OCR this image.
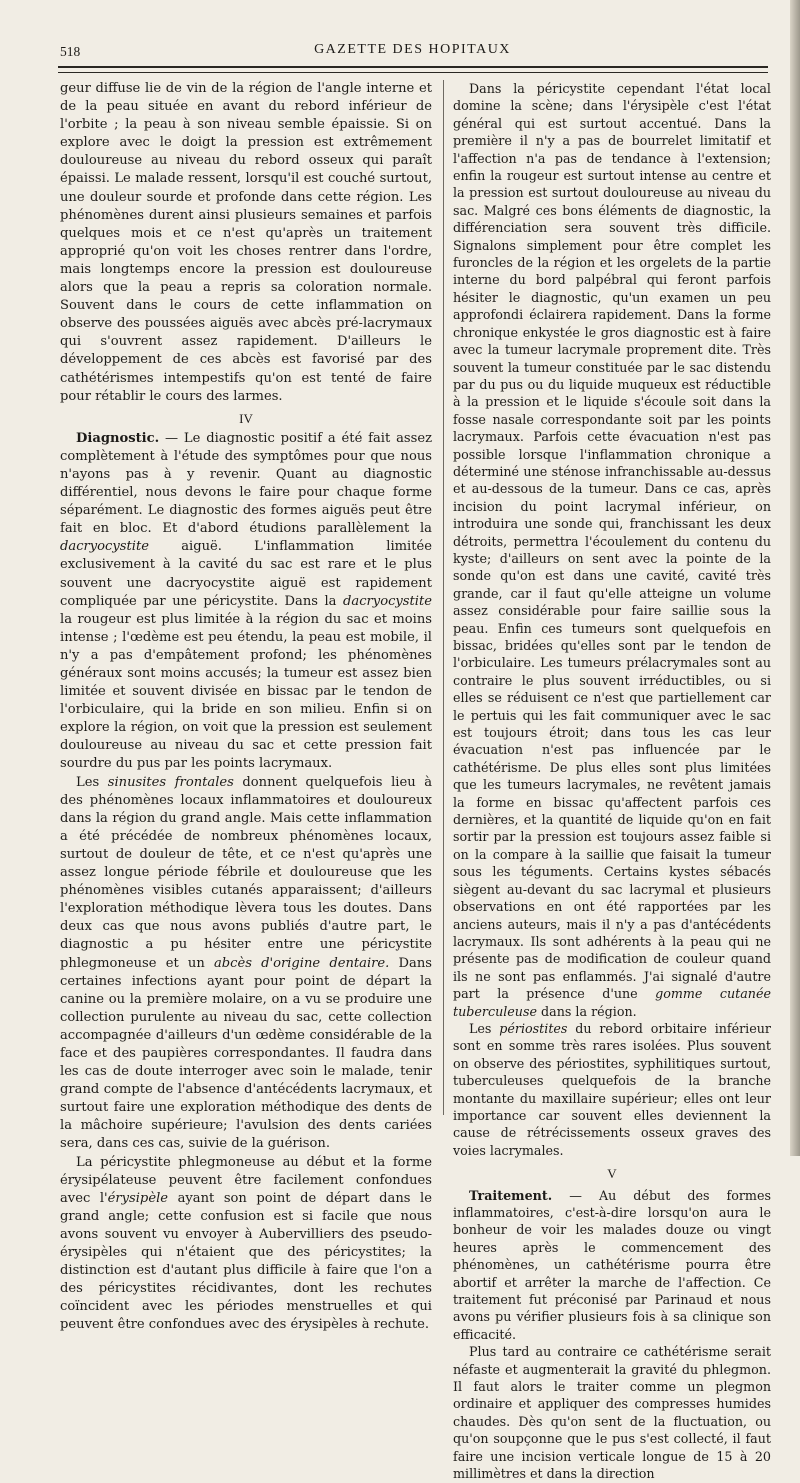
518	GAZETTE DES HOPITAUX

geur diffuse lie de vin de la région de l'angle interne et de la peau située en avant du rebord inférieur de l'orbite ; la peau à son niveau semble épaissie. Si on explore avec le doigt la pression est extrêmement douloureuse au niveau du rebord osseux qui paraît épaissi. Le malade ressent, lorsqu'il est couché surtout, une douleur sourde et profonde dans cette région. Les phénomènes durent ainsi plusieurs semaines et parfois quelques mois et ce n'est qu'après un traitement approprié qu'on voit les choses rentrer dans l'ordre, mais longtemps encore la pression est douloureuse alors que la peau a repris sa coloration normale. Souvent dans le cours de cette inflammation on observe des poussées aiguës avec abcès pré-lacrymaux qui s'ouvrent assez rapidement. D'ailleurs le développement de ces abcès est favorisé par des cathétérismes intempestifs qu'on est tenté de faire pour rétablir le cours des larmes.

IV

Diagnostic. — Le diagnostic positif a été fait assez complètement à l'étude des symptômes pour que nous n'ayons pas à y revenir. Quant au diagnostic différentiel, nous devons le faire pour chaque forme séparément. Le diagnostic des formes aiguës peut être fait en bloc. Et d'abord étudions parallèlement la dacryocystite aiguë. L'inflammation limitée exclusivement à la cavité du sac est rare et le plus souvent une dacryocystite aiguë est rapidement compliquée par une péricystite. Dans la dacryocystite la rougeur est plus limitée à la région du sac et moins intense ; l'œdème est peu étendu, la peau est mobile, il n'y a pas d'empâtement profond; les phénomènes généraux sont moins accusés; la tumeur est assez bien limitée et souvent divisée en bissac par le tendon de l'orbiculaire, qui la bride en son milieu. Enfin si on explore la région, on voit que la pression est seulement douloureuse au niveau du sac et cette pression fait sourdre du pus par les points lacrymaux.

Les sinusites frontales donnent quelquefois lieu à des phénomènes locaux inflammatoires et douloureux dans la région du grand angle. Mais cette inflammation a été précédée de nombreux phénomènes locaux, surtout de douleur de tête, et ce n'est qu'après une assez longue période fébrile et douloureuse que les phénomènes visibles cutanés apparaissent; d'ailleurs l'exploration méthodique lèvera tous les doutes. Dans deux cas que nous avons publiés d'autre part, le diagnostic a pu hésiter entre une péricystite phlegmoneuse et un abcès d'origine dentaire. Dans certaines infections ayant pour point de départ la canine ou la première molaire, on a vu se produire une collection purulente au niveau du sac, cette collection accompagnée d'ailleurs d'un œdème considérable de la face et des paupières correspondantes. Il faudra dans les cas de doute interroger avec soin le malade, tenir grand compte de l'absence d'antécédents lacrymaux, et surtout faire une exploration méthodique des dents de la mâchoire supérieure; l'avulsion des dents cariées sera, dans ces cas, suivie de la guérison.

La péricystite phlegmoneuse au début et la forme érysipélateuse peuvent être facilement confondues avec l'érysipèle ayant son point de départ dans le grand angle; cette confusion est si facile que nous avons souvent vu envoyer à Aubervilliers des pseudo-érysipèles qui n'étaient que des péricystites; la distinction est d'autant plus difficile à faire que l'on a des péricystites récidivantes, dont les rechutes coïncident avec les périodes menstruelles et qui peuvent être confondues avec des érysipèles à rechute.

Dans la péricystite cependant l'état local domine la scène; dans l'érysipèle c'est l'état général qui est surtout accentué. Dans la première il n'y a pas de bourrelet limitatif et l'affection n'a pas de tendance à l'extension; enfin la rougeur est surtout intense au centre et la pression est surtout douloureuse au niveau du sac. Malgré ces bons éléments de diagnostic, la différenciation sera souvent très difficile. Signalons simplement pour être complet les furoncles de la région et les orgelets de la partie interne du bord palpébral qui feront parfois hésiter le diagnostic, qu'un examen un peu approfondi éclairera rapidement. Dans la forme chronique enkystée le gros diagnostic est à faire avec la tumeur lacrymale proprement dite. Très souvent la tumeur constituée par le sac distendu par du pus ou du liquide muqueux est réductible à la pression et le liquide s'écoule soit dans la fosse nasale correspondante soit par les points lacrymaux. Parfois cette évacuation n'est pas possible lorsque l'inflammation chronique a déterminé une sténose infranchissable au-dessus et au-dessous de la tumeur. Dans ce cas, après incision du point lacrymal inférieur, on introduira une sonde qui, franchissant les deux détroits, permettra l'écoulement du contenu du kyste; d'ailleurs on sent avec la pointe de la sonde qu'on est dans une cavité, cavité très grande, car il faut qu'elle atteigne un volume assez considérable pour faire saillie sous la peau. Enfin ces tumeurs sont quelquefois en bissac, bridées qu'elles sont par le tendon de l'orbiculaire. Les tumeurs prélacrymales sont au contraire le plus souvent irréductibles, ou si elles se réduisent ce n'est que partiellement car le pertuis qui les fait communiquer avec le sac est toujours étroit; dans tous les cas leur évacuation n'est pas influencée par le cathétérisme. De plus elles sont plus limitées que les tumeurs lacrymales, ne revêtent jamais la forme en bissac qu'affectent parfois ces dernières, et la quantité de liquide qu'on en fait sortir par la pression est toujours assez faible si on la compare à la saillie que faisait la tumeur sous les téguments. Certains kystes sébacés siègent au-devant du sac lacrymal et plusieurs observations en ont été rapportées par les anciens auteurs, mais il n'y a pas d'antécédents lacrymaux. Ils sont adhérents à la peau qui ne présente pas de modification de couleur quand ils ne sont pas enflammés. J'ai signalé d'autre part la présence d'une gomme cutanée tuberculeuse dans la région.

Les périostites du rebord orbitaire inférieur sont en somme très rares isolées. Plus souvent on observe des périostites, syphilitiques surtout, tuberculeuses quelquefois de la branche montante du maxillaire supérieur; elles ont leur importance car souvent elles deviennent la cause de rétrécissements osseux graves des voies lacrymales.

V

Traitement. — Au début des formes inflammatoires, c'est-à-dire lorsqu'on aura le bonheur de voir les malades douze ou vingt heures après le commencement des phénomènes, un cathétérisme pourra être abortif et arrêter la marche de l'affection. Ce traitement fut préconisé par Parinaud et nous avons pu vérifier plusieurs fois à sa clinique son efficacité.

Plus tard au contraire ce cathétérisme serait néfaste et augmenterait la gravité du phlegmon. Il faut alors le traiter comme un plegmon ordinaire et appliquer des compresses humides chaudes. Dès qu'on sent de la fluctuation, ou qu'on soupçonne que le pus s'est collecté, il faut faire une incision verticale longue de 15 à 20 millimètres et dans la direction
